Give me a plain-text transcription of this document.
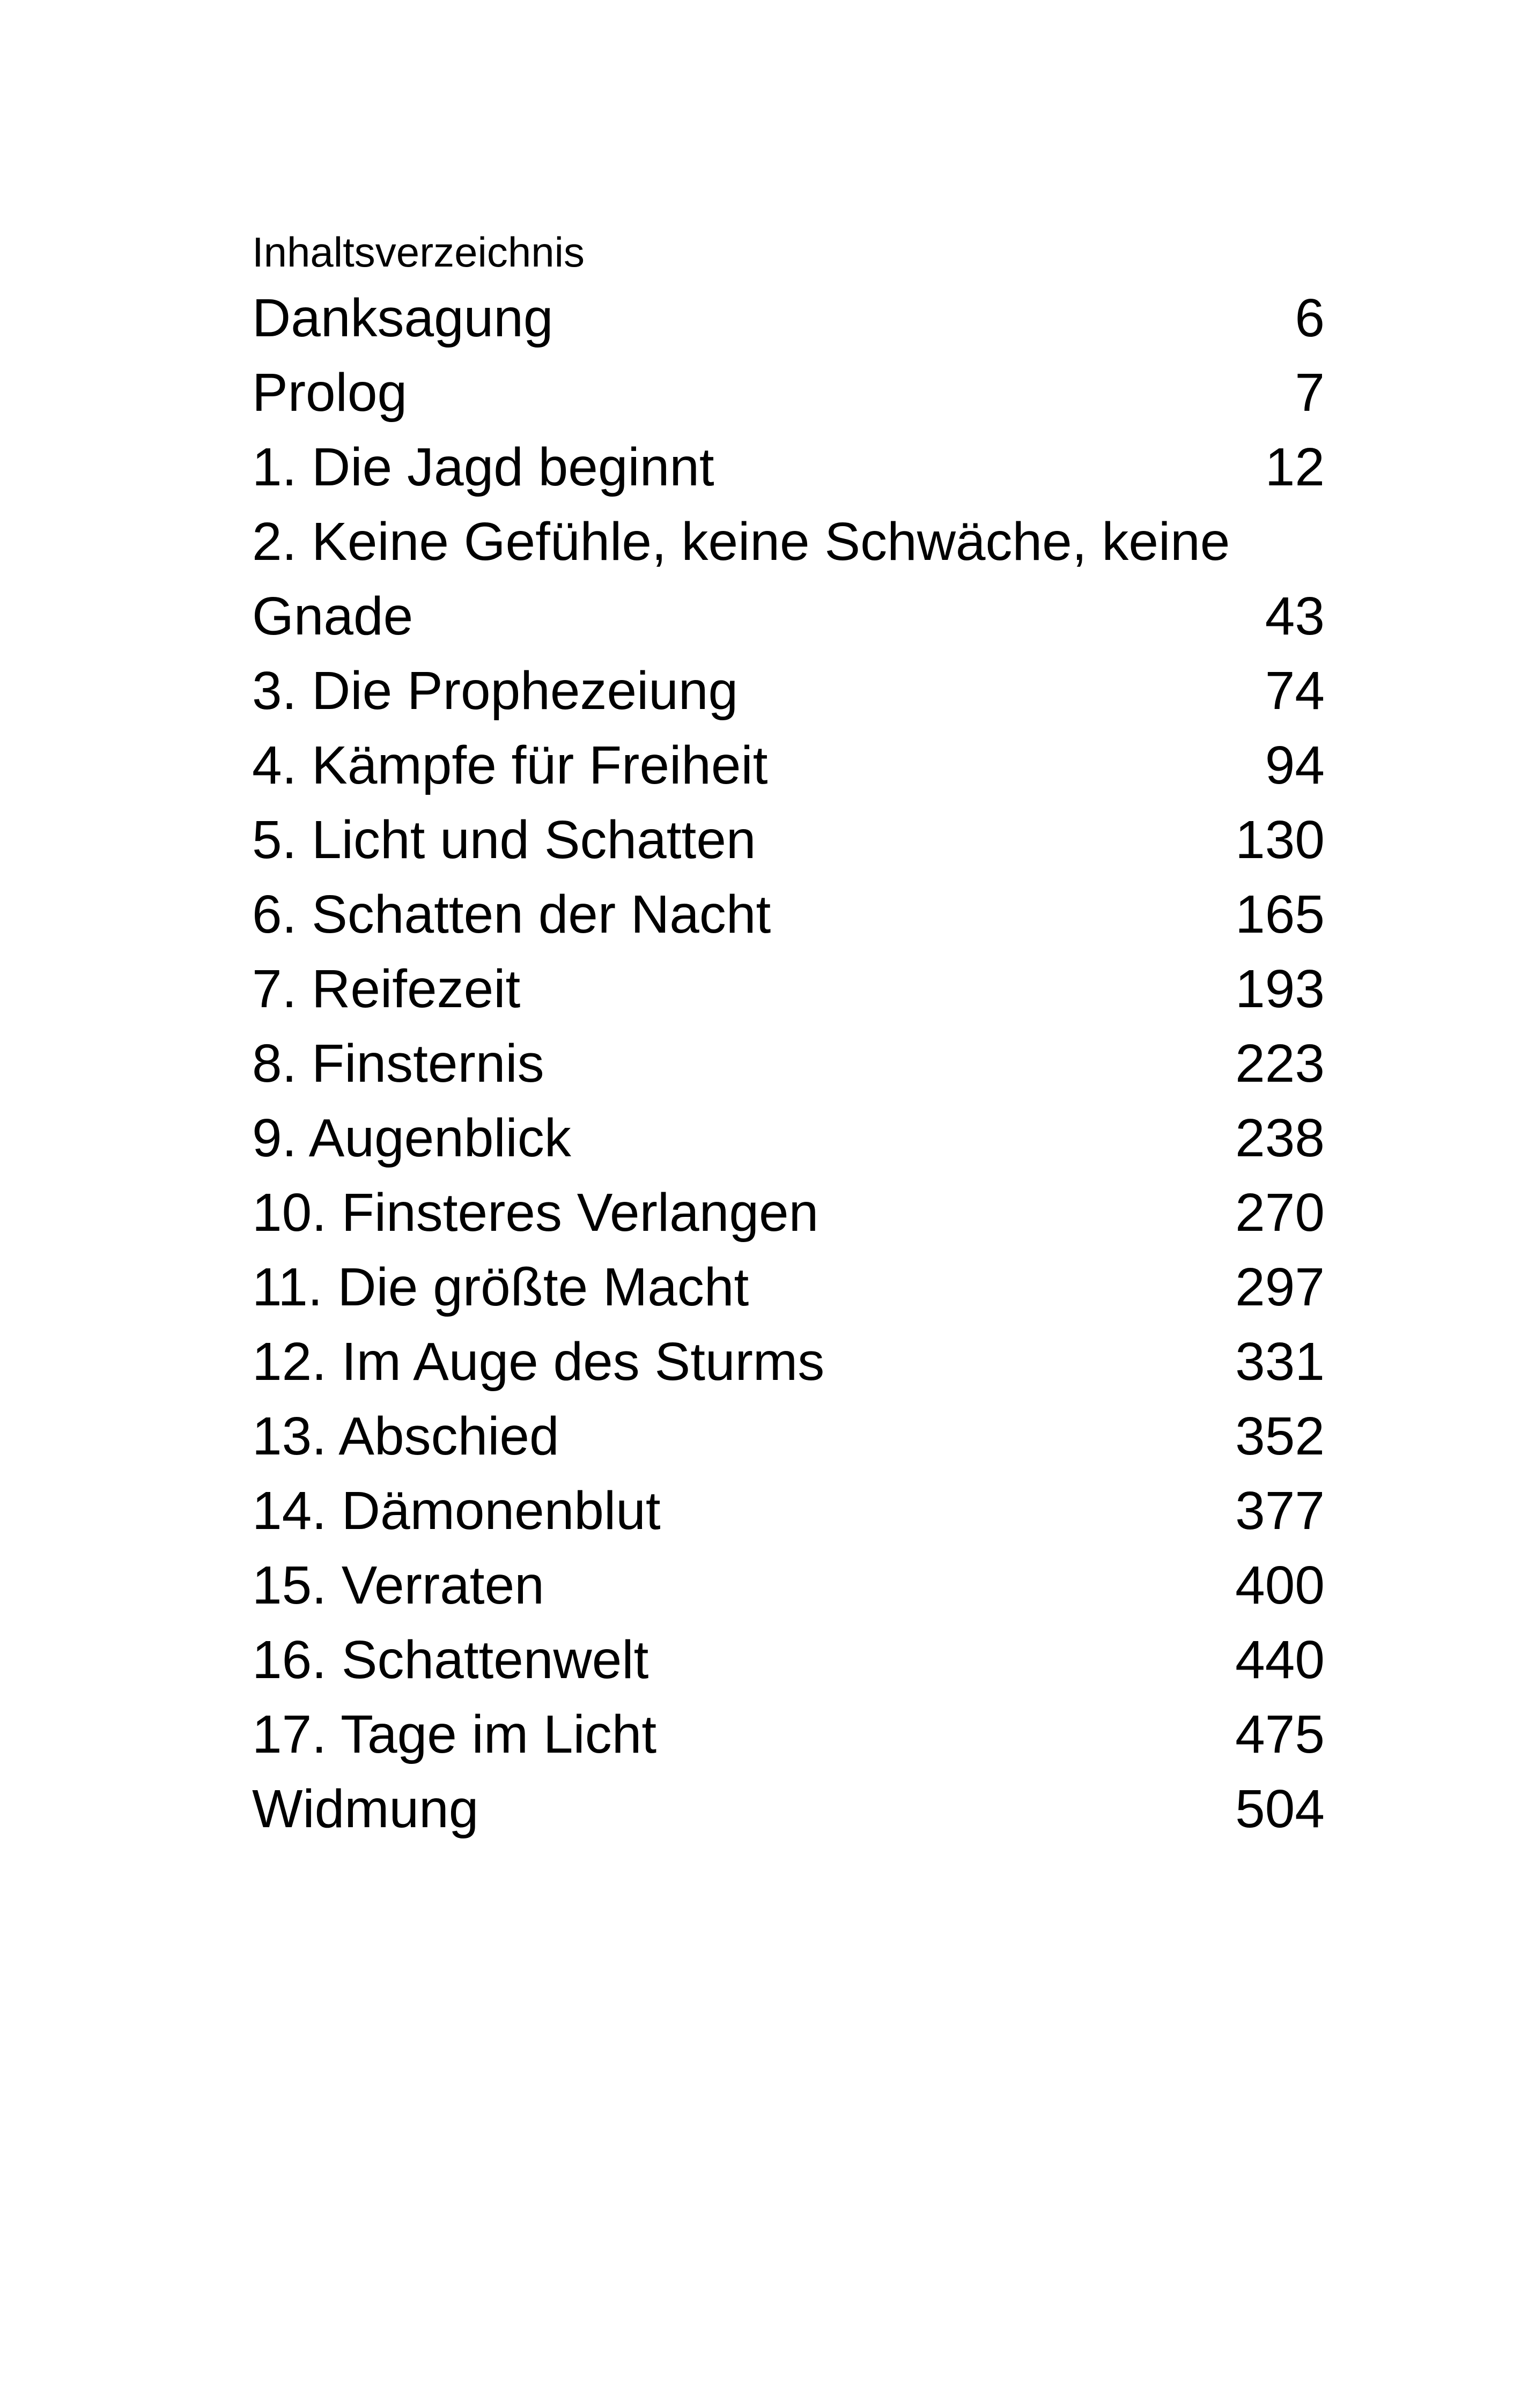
Inhaltsverzeichnis
Danksagung	6
Prolog	7
1. Die Jagd beginnt	12
2. Keine Gefühle, keine Schwäche, keine
Gnade	43
3. Die Prophezeiung	74
4. Kämpfe für Freiheit	94
5. Licht und Schatten	130
6. Schatten der Nacht	165
7. Reifezeit	193
8. Finsternis	223
9. Augenblick	238
10. Finsteres Verlangen	270
11. Die größte Macht	297
12. Im Auge des Sturms	331
13. Abschied	352
14. Dämonenblut	377
15. Verraten	400
16. Schattenwelt	440
17. Tage im Licht	475
Widmung	504
